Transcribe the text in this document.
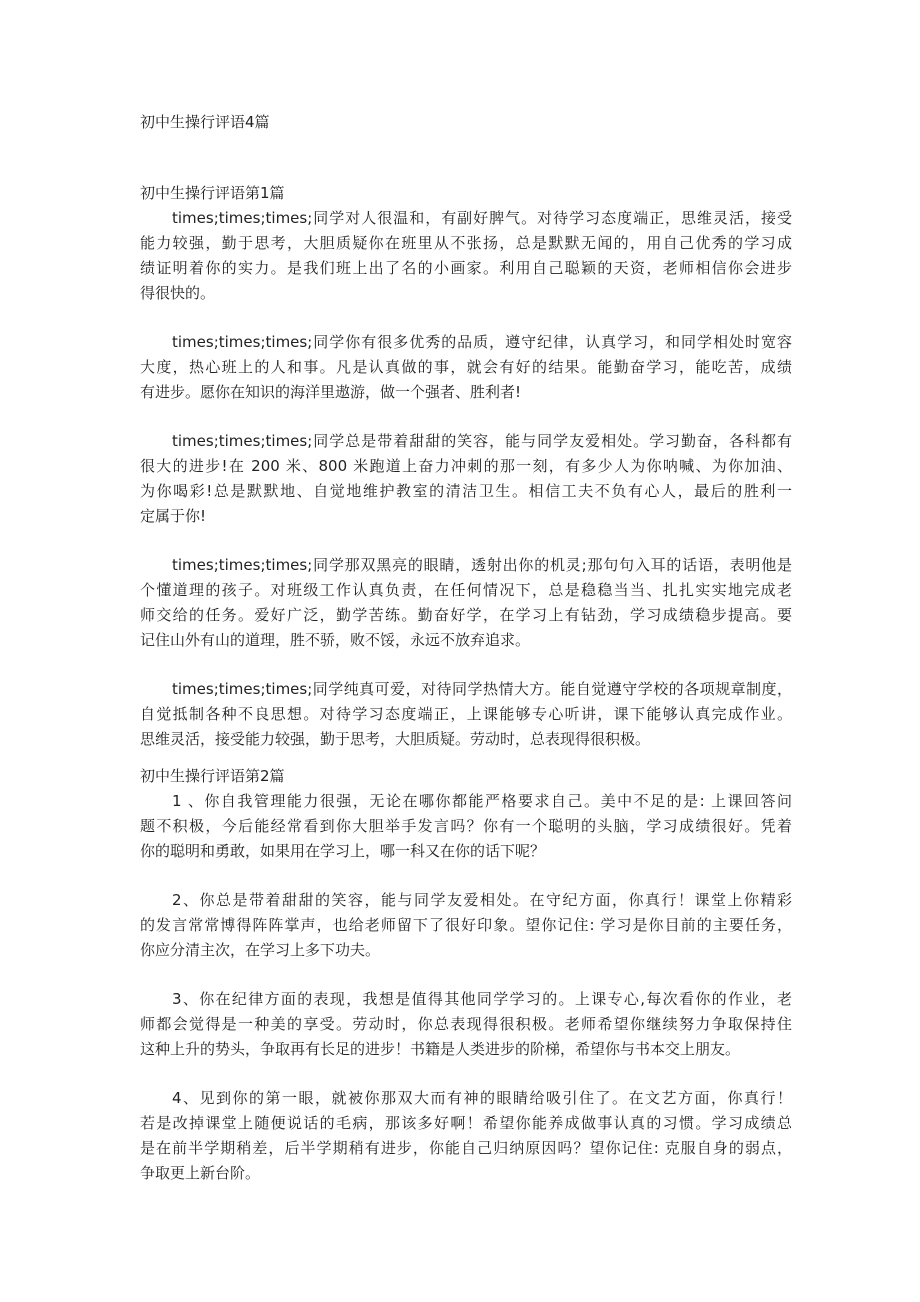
初中生操行评语4篇
初中生操行评语第1篇
times;times;times;同学对人很温和，有副好脾气。对待学习态度端正，思维灵活，接受
能力较强，勤于思考，大胆质疑你在班里从不张扬，总是默默无闻的，用自己优秀的学习成
绩证明着你的实力。是我们班上出了名的小画家。利用自己聪颖的天资，老师相信你会进步
得很快的。
times;times;times;同学你有很多优秀的品质，遵守纪律，认真学习，和同学相处时宽容
大度，热心班上的人和事。凡是认真做的事，就会有好的结果。能勤奋学习，能吃苦，成绩
有进步。愿你在知识的海洋里遨游，做一个强者、胜利者!
times;times;times;同学总是带着甜甜的笑容，能与同学友爱相处。学习勤奋，各科都有
很大的进步!在 200 米、800 米跑道上奋力冲刺的那一刻，有多少人为你呐喊、为你加油、
为你喝彩!总是默默地、自觉地维护教室的清洁卫生。相信工夫不负有心人，最后的胜利一
定属于你!
times;times;times;同学那双黑亮的眼睛，透射出你的机灵;那句句入耳的话语，表明他是
个懂道理的孩子。对班级工作认真负责，在任何情况下，总是稳稳当当、扎扎实实地完成老
师交给的任务。爱好广泛，勤学苦练。勤奋好学，在学习上有钻劲，学习成绩稳步提高。要
记住山外有山的道理，胜不骄，败不馁，永远不放弃追求。
times;times;times;同学纯真可爱，对待同学热情大方。能自觉遵守学校的各项规章制度，
自觉抵制各种不良思想。对待学习态度端正，上课能够专心听讲，课下能够认真完成作业。
思维灵活，接受能力较强，勤于思考，大胆质疑。劳动时，总表现得很积极。
初中生操行评语第2篇
1 、你自我管理能力很强，无论在哪你都能严格要求自己。美中不足的是: 上课回答问
题不积极，今后能经常看到你大胆举手发言吗？你有一个聪明的头脑，学习成绩很好。凭着
你的聪明和勇敢，如果用在学习上，哪一科又在你的话下呢？
2、你总是带着甜甜的笑容，能与同学友爱相处。在守纪方面，你真行！课堂上你精彩
的发言常常博得阵阵掌声，也给老师留下了很好印象。望你记住: 学习是你目前的主要任务，
你应分清主次，在学习上多下功夫。
3、你在纪律方面的表现，我想是值得其他同学学习的。上课专心,每次看你的作业，老
师都会觉得是一种美的享受。劳动时，你总表现得很积极。老师希望你继续努力争取保持住
这种上升的势头，争取再有长足的进步！书籍是人类进步的阶梯，希望你与书本交上朋友。
4、见到你的第一眼，就被你那双大而有神的眼睛给吸引住了。在文艺方面，你真行！
若是改掉课堂上随便说话的毛病，那该多好啊！希望你能养成做事认真的习惯。学习成绩总
是在前半学期稍差，后半学期稍有进步，你能自己归纳原因吗？望你记住: 克服自身的弱点，
争取更上新台阶。
